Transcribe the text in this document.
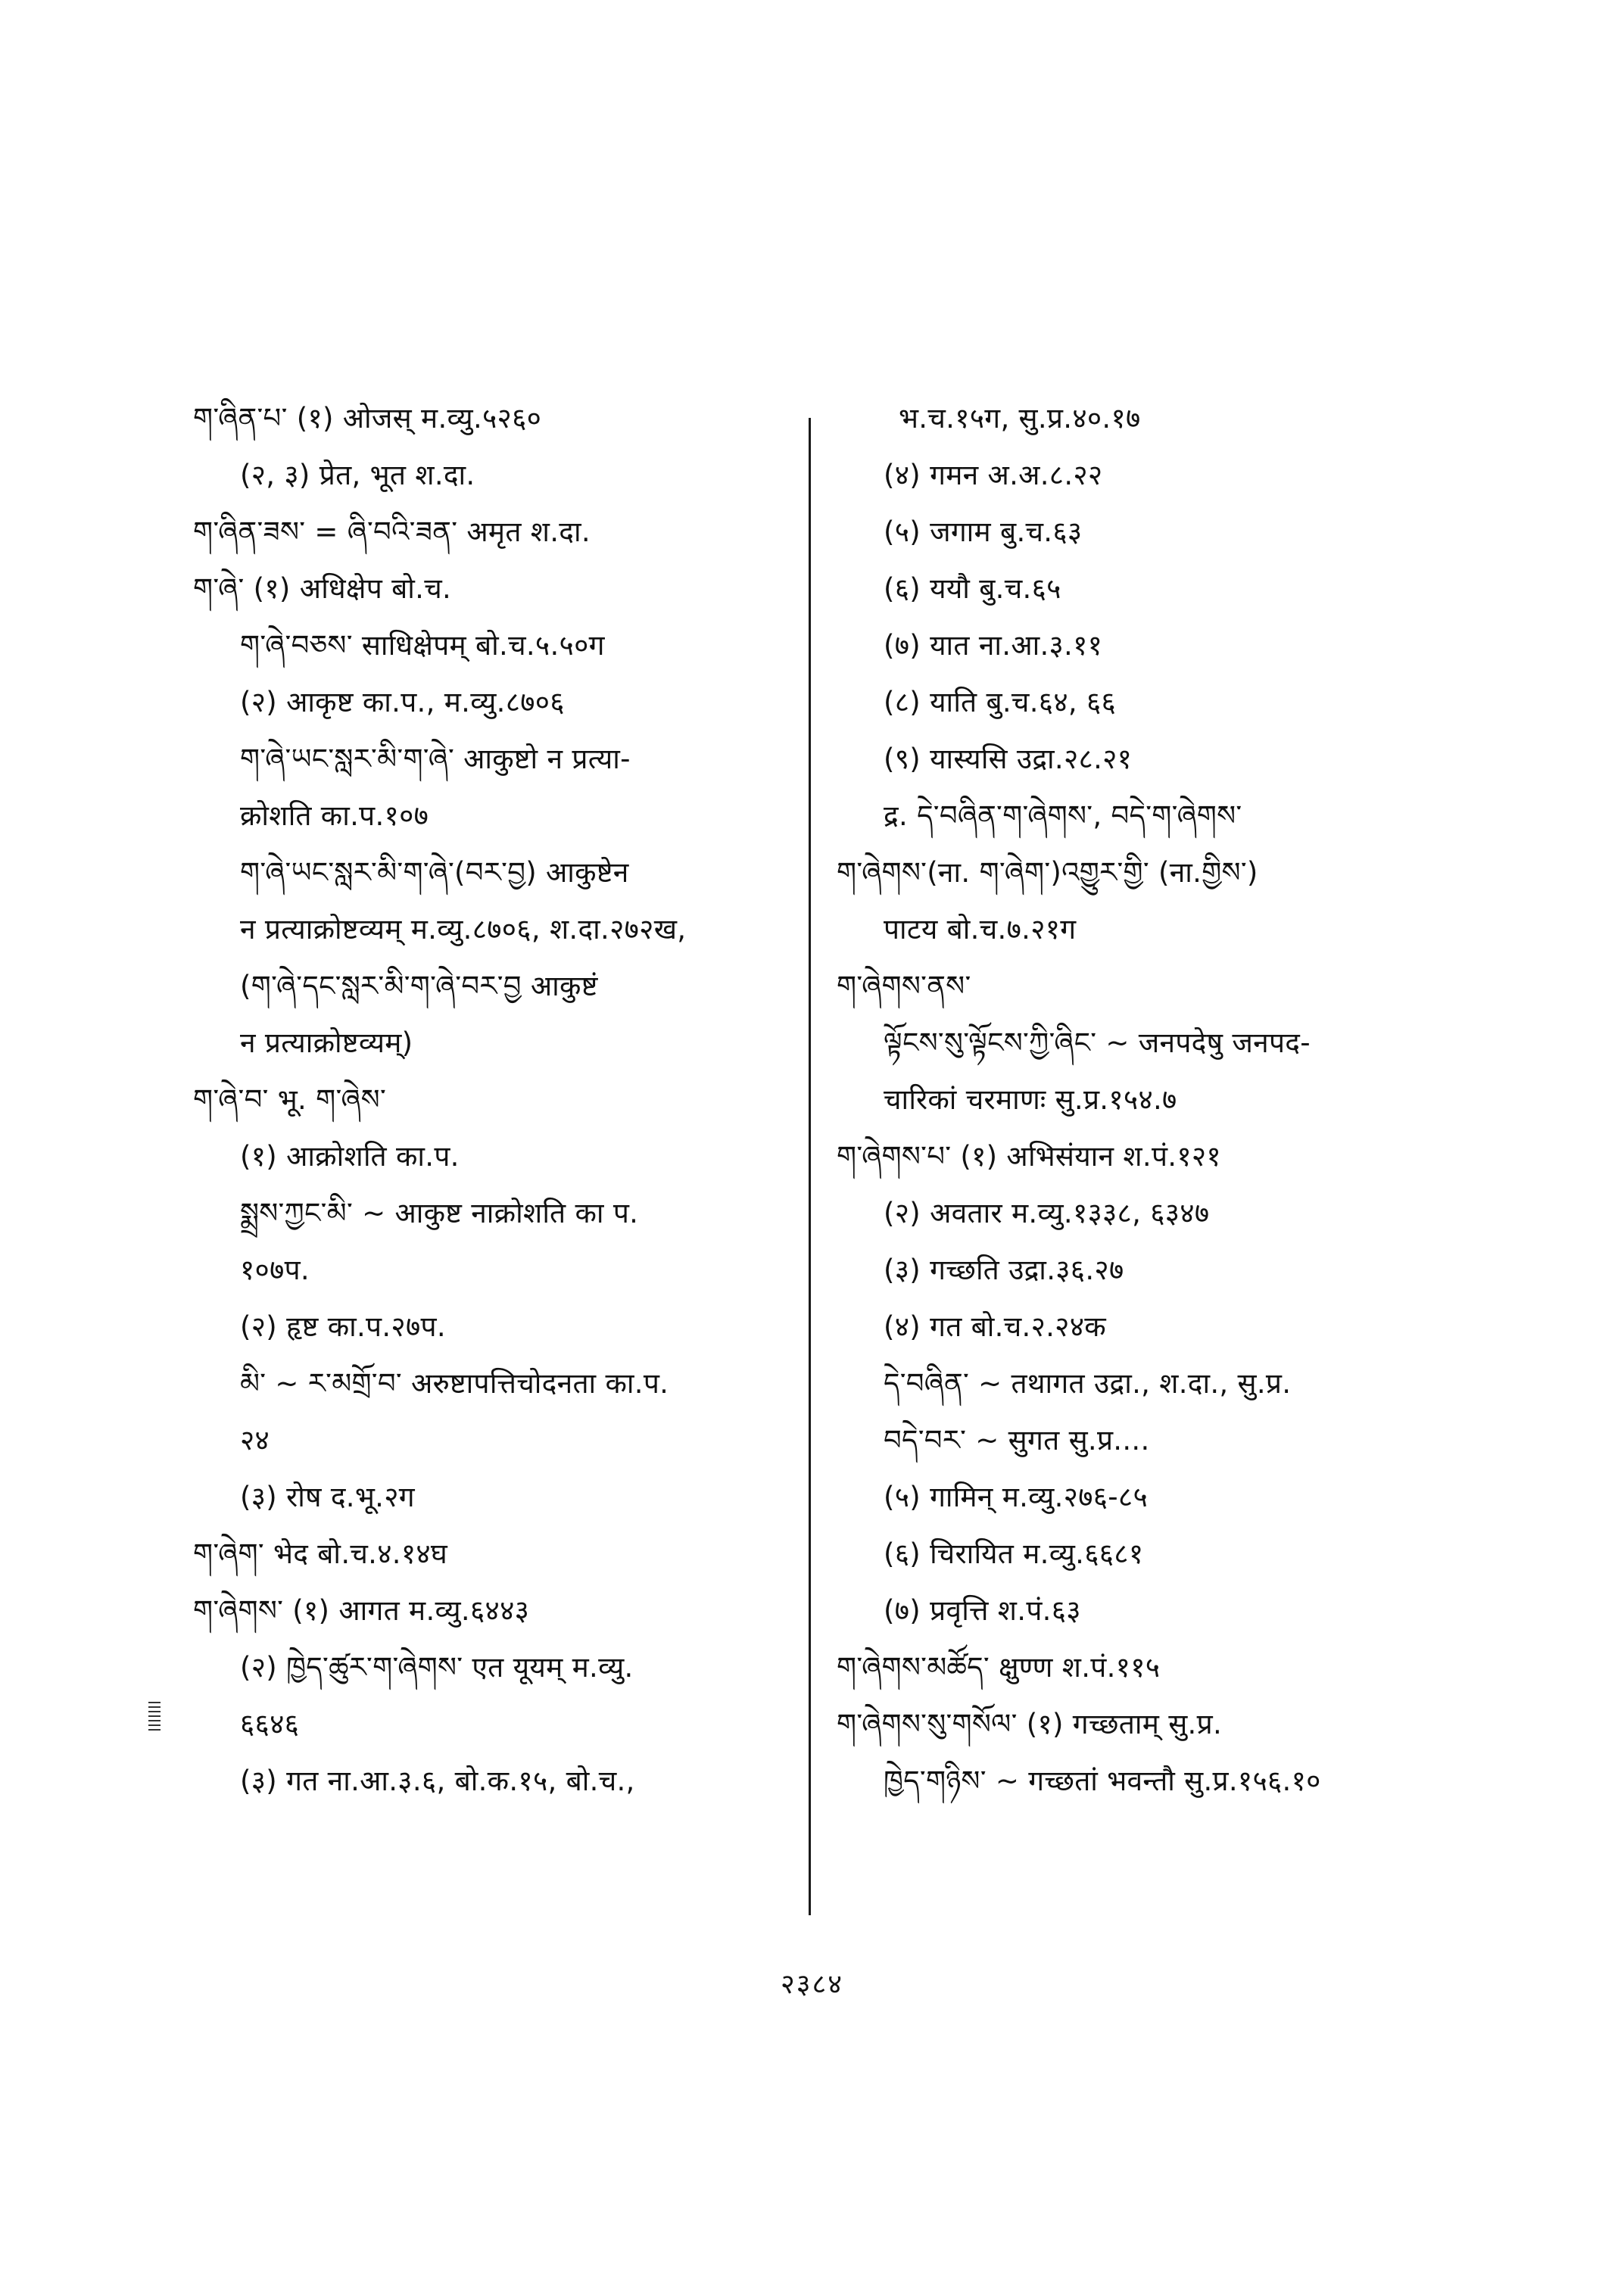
ག་ཞིན་པ་ (१) ओजस् म.व्यु.५२६०
(२, ३) प्रेत, भूत श.दा.
ག་ཞིན་ཟས་ = ཞི་བའི་ཟན་ अमृत श.दा.
ག་ཞེ་ (१) अधिक्षेप बो.च.
ག་ཞེ་བཅས་ साधिक्षेपम् बो.च.५.५०ग
(२) आकृष्ट का.प., म.व्यु.८७०६
ག་ཞེ་ཡང་སླར་མི་ག་ཞེ་ आकुष्टो न प्रत्या-
क्रोशति का.प.१०७
ག་ཞེ་ཡང་སླར་མི་ག་ཞེ་(བར་བྱ) आकुष्टेन
न प्रत्याक्रोष्टव्यम् म.व्यु.८७०६, श.दा.२७२ख,
(ག་ཞེ་དང་སླར་མི་ག་ཞེ་བར་བྱ आकुष्टं
न प्रत्याक्रोष्टव्यम्)
ག་ཞེ་བ་ भू. ག་ཞེས་
(१) आक्रोशति का.प.
སྨྲས་ཀྱང་མི་ ~ आकुष्ट नाक्रोशति का प.
१०७प.
(२) हृष्ट का.प.२७प.
མི་ ~ ར་མགྲོ་བ་ अरुष्टापत्तिचोदनता का.प.
२४
(३) रोष द.भू.२ग
ག་ཞེག་ भेद बो.च.४.१४घ
ག་ཞེགས་ (१) आगत म.व्यु.६४४३
(२) ཁྱེད་ཚུར་ག་ཞེགས་ एत यूयम् म.व्यु.
६६४६
(३) गत ना.आ.३.६, बो.क.१५, बो.च.,
भ.च.१५ग, सु.प्र.४०.१७
(४) गमन अ.अ.८.२२
(५) जगाम बु.च.६३
(६) ययौ बु.च.६५
(७) यात ना.आ.३.११
(८) याति बु.च.६४, ६६
(९) यास्यसि उद्रा.२८.२१
द्र. དེ་བཞིན་ག་ཞེགས་, བདེ་ག་ཞེགས་
ག་ཞེགས་(ना. ག་ཞེག་)འགྱུར་གྱི་ (ना.གྱིས་)
पाटय बो.च.७.२१ग
ག་ཞེགས་ནས་
ལྟོངས་སུ་ལྟོངས་ཀྱི་ཞིང་ ~ जनपदेषु जनपद-
चारिकां चरमाणः सु.प्र.१५४.७
ག་ཞེགས་པ་ (१) अभिसंयान श.पं.१२१
(२) अवतार म.व्यु.१३३८, ६३४७
(३) गच्छति उद्रा.३६.२७
(४) गत बो.च.२.२४क
དེ་བཞིན་ ~ तथागत उद्रा., श.दा., सु.प्र.
བདེ་བར་ ~ सुगत सु.प्र....
(५) गामिन् म.व्यु.२७६-८५
(६) चिरायित म.व्यु.६६८१
(७) प्रवृत्ति श.पं.६३
ག་ཞེགས་མཚོད་ क्षुण्ण श.पं.११५
ག་ཞེགས་སུ་གསོལ་ (१) गच्छताम् सु.प्र.
ཁྱེད་གཉིས་ ~ गच्छतां भवन्तौ सु.प्र.१५६.१०
२३८४
